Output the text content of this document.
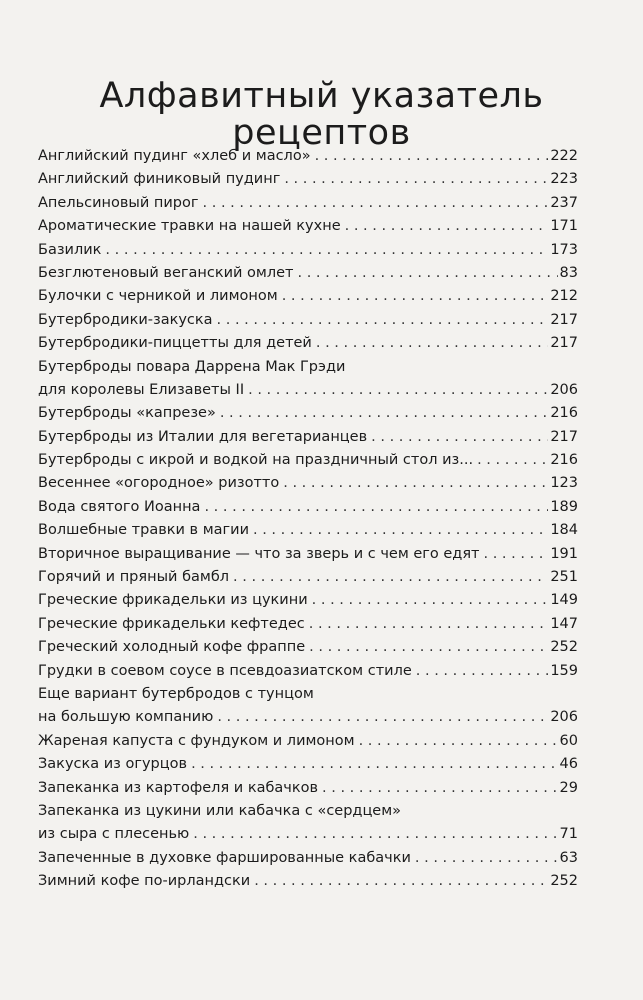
Алфавитный указатель
рецептов
Английский пудинг «хлеб и масло» . . .	222
Английский финиковый пудинг . . .	223
Апельсиновый пирог . . .	237
Ароматические травки на нашей кухне . . .	171
Базилик . . .	173
Безглютеновый веганский омлет . . .	83
Булочки с черникой и лимоном . . .	212
Бутербродики-закуска . . .	217
Бутербродики-пиццетты для детей . . .	217
Бутерброды повара Даррена Мак Грэди
для королевы Елизаветы II . . .	206
Бутерброды «капрезе» . . .	216
Бутерброды из Италии для вегетарианцев . . .	217
Бутерброды с икрой и водкой на праздничный стол из... . . .	216
Весеннее «огородное» ризотто . . .	123
Вода святого Иоанна . . .	189
Волшебные травки в магии . . .	184
Вторичное выращивание — что за зверь и с чем его едят . . .	191
Горячий и пряный бамбл . . .	251
Греческие фрикадельки из цукини . . .	149
Греческие фрикадельки кефтедес . . .	147
Греческий холодный кофе фраппе . . .	252
Грудки в соевом соусе в псевдоазиатском стиле . . .	159
Еще вариант бутербродов с тунцом
на большую компанию . . .	206
Жареная капуста с фундуком и лимоном . . .	60
Закуска из огурцов . . .	46
Запеканка из картофеля и кабачков . . .	29
Запеканка из цукини или кабачка с «сердцем»
из сыра с плесенью . . .	71
Запеченные в духовке фаршированные кабачки . . .	63
Зимний кофе по-ирландски . . .	252
